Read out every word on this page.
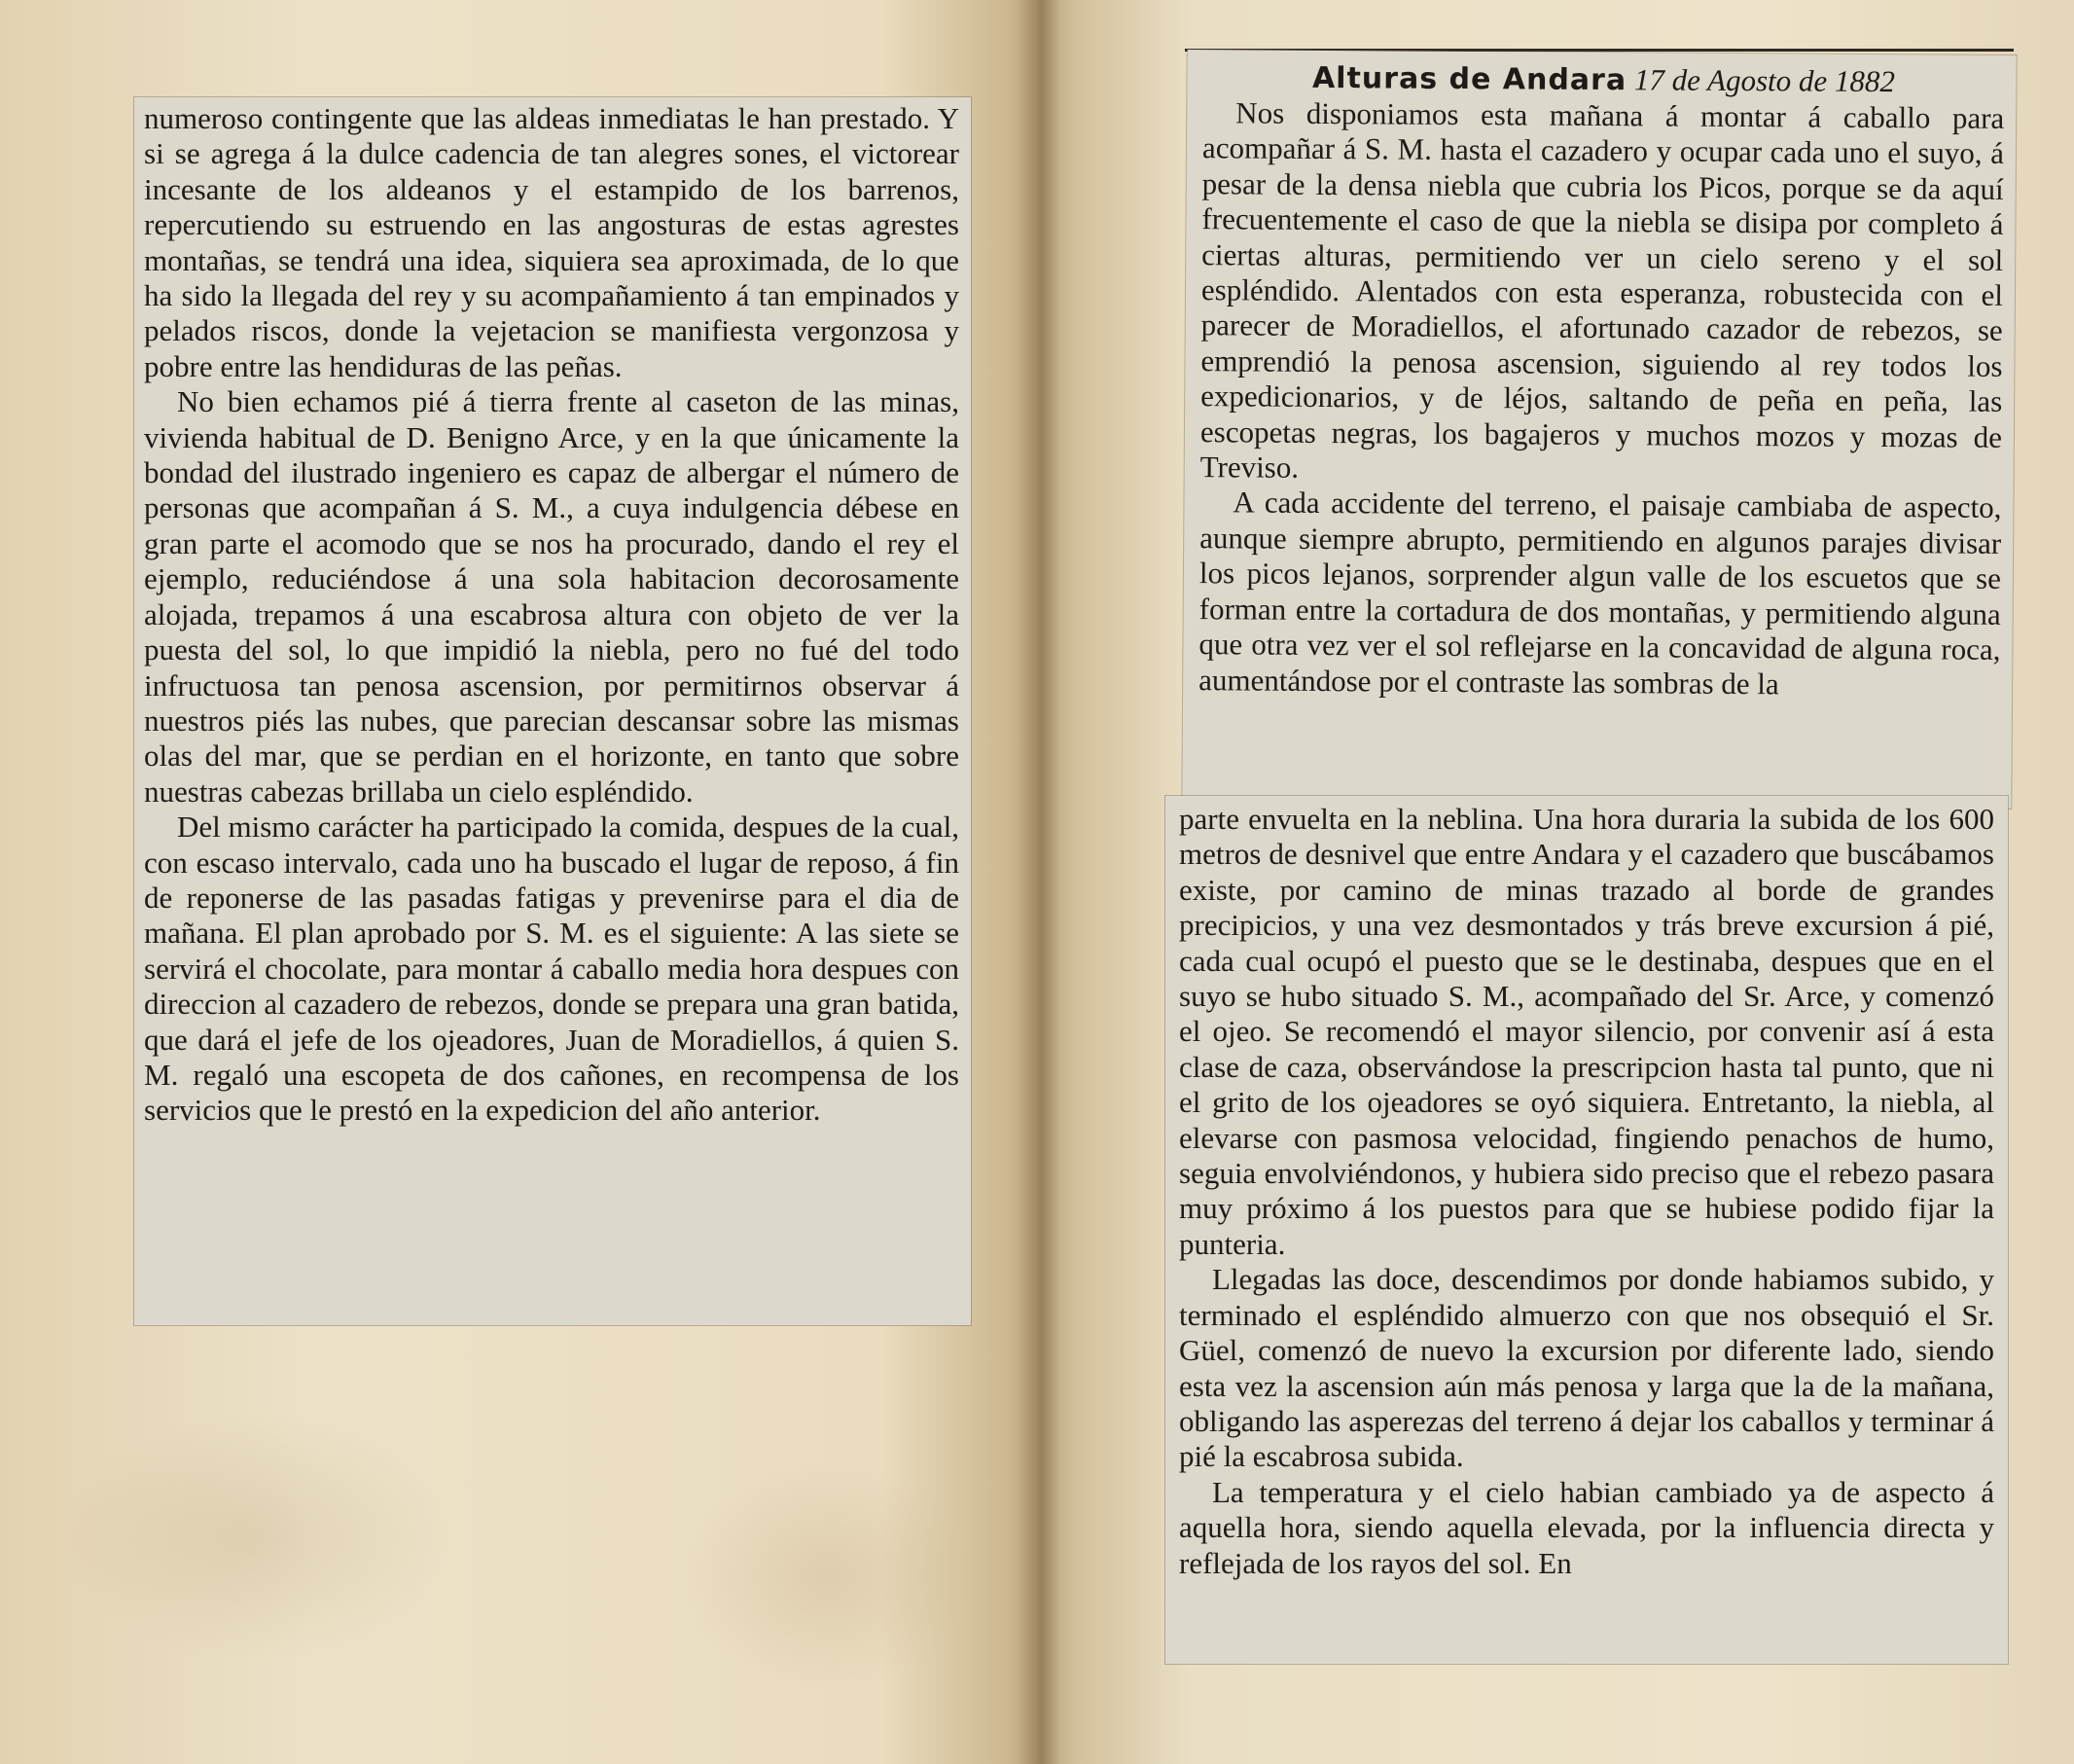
numeroso contingente que las aldeas inmediatas le han prestado. Y si se agrega á la dulce cadencia de tan alegres sones, el victorear incesante de los aldeanos y el estampido de los barrenos, repercutiendo su estruendo en las angosturas de estas agrestes montañas, se tendrá una idea, siquiera sea aproximada, de lo que ha sido la llegada del rey y su acompañamiento á tan empinados y pelados riscos, donde la vejetacion se manifiesta vergonzosa y pobre entre las hendiduras de las peñas.

No bien echamos pié á tierra frente al caseton de las minas, vivienda habitual de D. Benigno Arce, y en la que únicamente la bondad del ilustrado ingeniero es capaz de albergar el número de personas que acompañan á S. M., a cuya indulgencia débese en gran parte el acomodo que se nos ha procurado, dando el rey el ejemplo, reduciéndose á una sola habitacion decorosamente alojada, trepamos á una escabrosa altura con objeto de ver la puesta del sol, lo que impidió la niebla, pero no fué del todo infructuosa tan penosa ascension, por permitirnos observar á nuestros piés las nubes, que parecian descansar sobre las mismas olas del mar, que se perdian en el horizonte, en tanto que sobre nuestras cabezas brillaba un cielo espléndido.

Del mismo carácter ha participado la comida, despues de la cual, con escaso intervalo, cada uno ha buscado el lugar de reposo, á fin de reponerse de las pasadas fatigas y prevenirse para el dia de mañana. El plan aprobado por S. M. es el siguiente: A las siete se servirá el chocolate, para montar á caballo media hora despues con direccion al cazadero de rebezos, donde se prepara una gran batida, que dará el jefe de los ojeadores, Juan de Moradiellos, á quien S. M. regaló una escopeta de dos cañones, en recompensa de los servicios que le prestó en la expedicion del año anterior.

Alturas de Andara 17 de Agosto de 1882

Nos disponiamos esta mañana á montar á caballo para acompañar á S. M. hasta el cazadero y ocupar cada uno el suyo, á pesar de la densa niebla que cubria los Picos, porque se da aquí frecuentemente el caso de que la niebla se disipa por completo á ciertas alturas, permitiendo ver un cielo sereno y el sol espléndido. Alentados con esta esperanza, robustecida con el parecer de Moradiellos, el afortunado cazador de rebezos, se emprendió la penosa ascension, siguiendo al rey todos los expedicionarios, y de léjos, saltando de peña en peña, las escopetas negras, los bagajeros y muchos mozos y mozas de Treviso.

A cada accidente del terreno, el paisaje cambiaba de aspecto, aunque siempre abrupto, permitiendo en algunos parajes divisar los picos lejanos, sorprender algun valle de los escuetos que se forman entre la cortadura de dos montañas, y permitiendo alguna que otra vez ver el sol reflejarse en la concavidad de alguna roca, aumentándose por el contraste las sombras de la

parte envuelta en la neblina. Una hora duraria la subida de los 600 metros de desnivel que entre Andara y el cazadero que buscábamos existe, por camino de minas trazado al borde de grandes precipicios, y una vez desmontados y trás breve excursion á pié, cada cual ocupó el puesto que se le destinaba, despues que en el suyo se hubo situado S. M., acompañado del Sr. Arce, y comenzó el ojeo. Se recomendó el mayor silencio, por convenir así á esta clase de caza, observándose la prescripcion hasta tal punto, que ni el grito de los ojeadores se oyó siquiera. Entretanto, la niebla, al elevarse con pasmosa velocidad, fingiendo penachos de humo, seguia envolviéndonos, y hubiera sido preciso que el rebezo pasara muy próximo á los puestos para que se hubiese podido fijar la punteria.

Llegadas las doce, descendimos por donde habiamos subido, y terminado el espléndido almuerzo con que nos obsequió el Sr. Güel, comenzó de nuevo la excursion por diferente lado, siendo esta vez la ascension aún más penosa y larga que la de la mañana, obligando las asperezas del terreno á dejar los caballos y terminar á pié la escabrosa subida.

La temperatura y el cielo habian cambiado ya de aspecto á aquella hora, siendo aquella elevada, por la influencia directa y reflejada de los rayos del sol. En
